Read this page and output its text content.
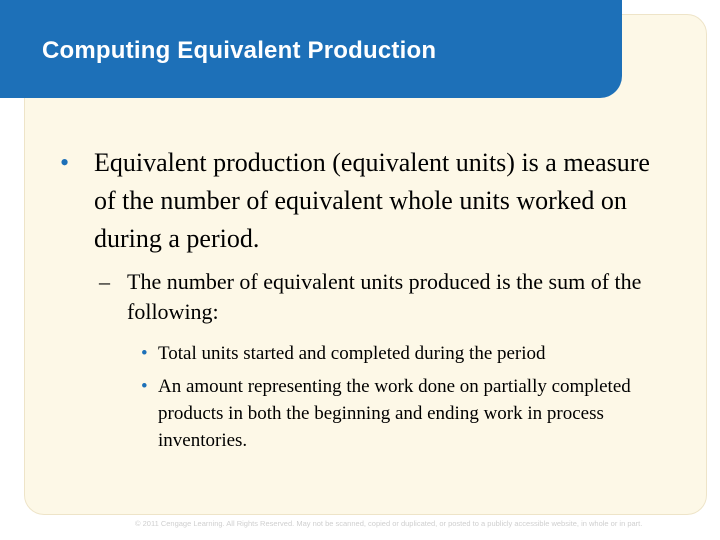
Computing Equivalent Production
• Equivalent production (equivalent units) is a measure of the number of equivalent whole units worked on during a period.
– The number of equivalent units produced is the sum of the following:
• Total units started and completed during the period
• An amount representing the work done on partially completed products in both the beginning and ending work in process inventories.
© 2011 Cengage Learning. All Rights Reserved. May not be scanned, copied or duplicated, or posted to a publicly accessible website, in whole or in part.
